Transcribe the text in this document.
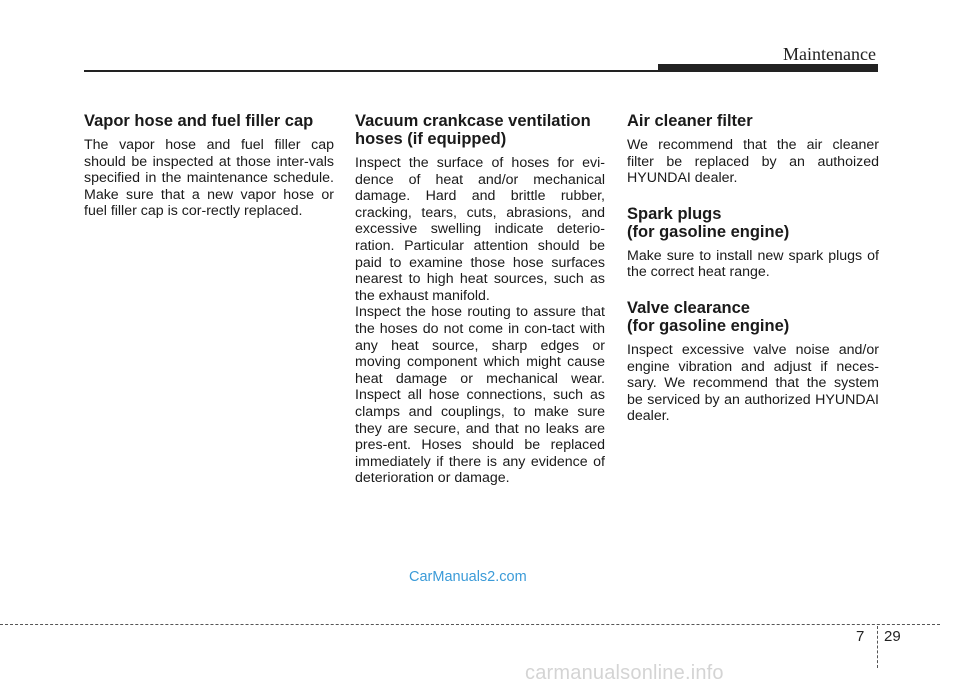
Maintenance
Vapor hose and fuel filler cap

The vapor hose and fuel filler cap should be inspected at those inter-vals specified in the maintenance schedule. Make sure that a new vapor hose or fuel filler cap is cor-rectly replaced.

Vacuum crankcase ventilation hoses (if equipped)

Inspect the surface of hoses for evi-dence of heat and/or mechanical damage. Hard and brittle rubber, cracking, tears, cuts, abrasions, and excessive swelling indicate deterio-ration. Particular attention should be paid to examine those hose surfaces nearest to high heat sources, such as the exhaust manifold.
Inspect the hose routing to assure that the hoses do not come in con-tact with any heat source, sharp edges or moving component which might cause heat damage or mechanical wear. Inspect all hose connections, such as clamps and couplings, to make sure they are secure, and that no leaks are pres-ent. Hoses should be replaced immediately if there is any evidence of deterioration or damage.

Air cleaner filter

We recommend that the air cleaner filter be replaced by an authoized HYUNDAI dealer.

Spark plugs
(for gasoline engine)

Make sure to install new spark plugs of the correct heat range.

Valve clearance
(for gasoline engine)

Inspect excessive valve noise and/or engine vibration and adjust if neces-sary. We recommend that the system be serviced by an authorized HYUNDAI dealer.

CarManuals2.com
7 29
carmanualsonline.info
